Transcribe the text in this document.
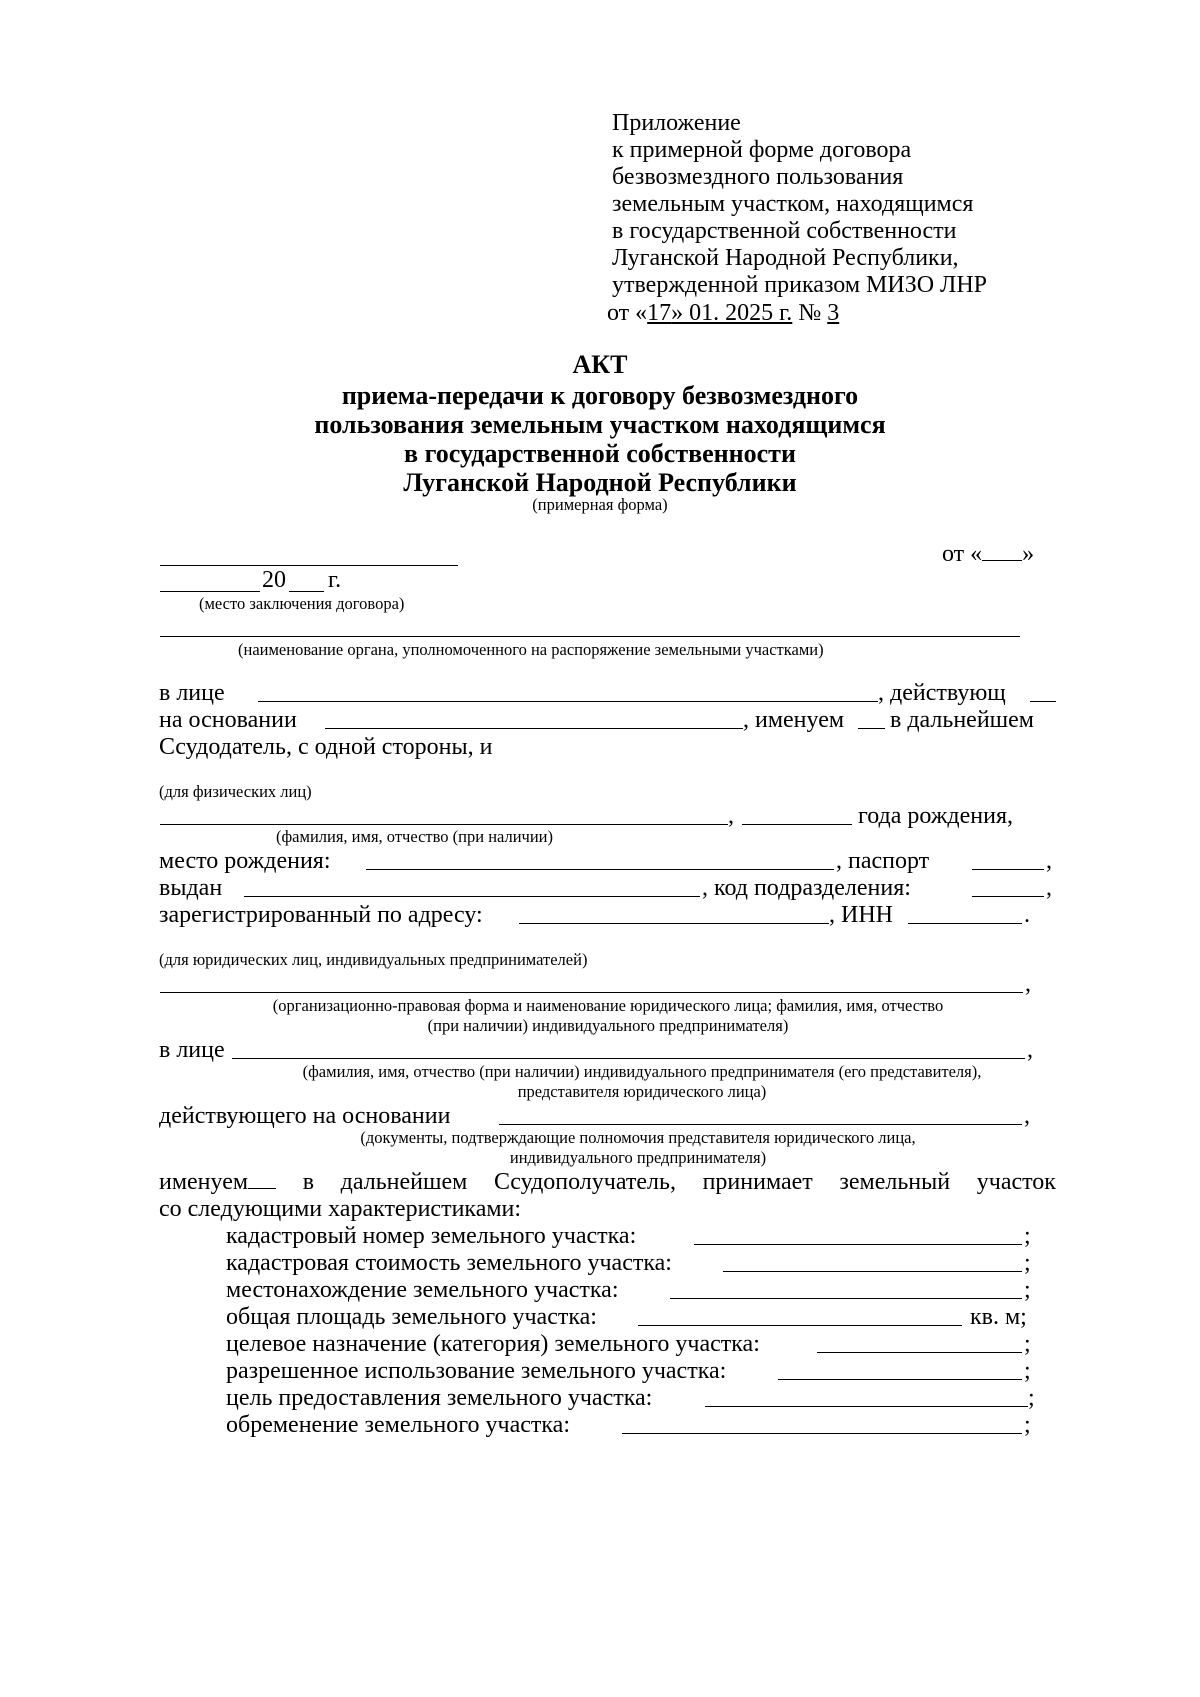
Приложение
к примерной форме договора
безвозмездного пользования
земельным участком, находящимся
в государственной собственности
Луганской Народной Республики,
утвержденной приказом МИЗО ЛНР
от «17» 01. 2025 г. № 3
АКТ
приема-передачи к договору безвозмездного
пользования земельным участком находящимся
в государственной собственности
Луганской Народной Республики
(примерная форма)
от « »
20 г.
(место заключения договора)
(наименование органа, уполномоченного на распоряжение земельными участками)
в лице	, действующ
на основании	, именуем в дальнейшем
Ссудодатель, с одной стороны, и
(для физических лиц)
,	года рождения,
(фамилия, имя, отчество (при наличии)
место рождения:	, паспорт	,
выдан	, код подразделения:	,
зарегистрированный по адресу:	, ИНН	.
(для юридических лиц, индивидуальных предпринимателей)
,
(организационно-правовая форма и наименование юридического лица; фамилия, имя, отчество
(при наличии) индивидуального предпринимателя)
в лице	,
(фамилия, имя, отчество (при наличии) индивидуального предпринимателя (его представителя),
представителя юридического лица)
действующего на основании	,
(документы, подтверждающие полномочия представителя юридического лица,
индивидуального предпринимателя)
именуем	в дальнейшем Ссудополучатель, принимает земельный участок
со следующими характеристиками:
кадастровый номер земельного участка:	;
кадастровая стоимость земельного участка:	;
местонахождение земельного участка:	;
общая площадь земельного участка:	кв. м;
целевое назначение (категория) земельного участка:	;
разрешенное использование земельного участка:	;
цель предоставления земельного участка:	;
обременение земельного участка:	;
